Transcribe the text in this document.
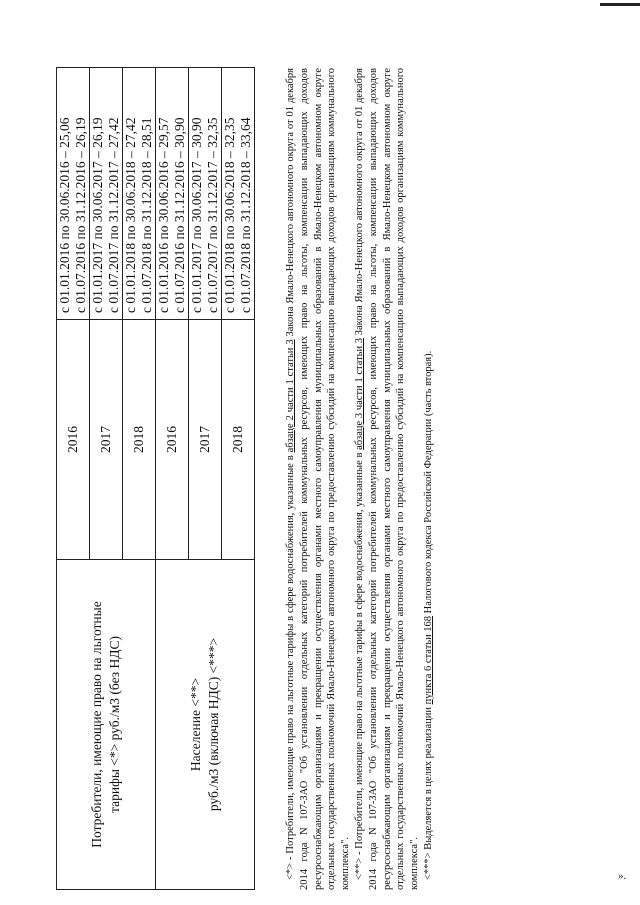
Потребители, имеющие право на льготные тарифы <*> руб./м3 (без НДС)	2016	с 01.01.2016 по 30.06.2016 – 25,06 с 01.07.2016 по 31.12.2016 – 26,19

	2017	с 01.01.2017 по 30.06.2017 – 26,19 с 01.07.2017 по 31.12.2017 – 27,42

	2018	с 01.01.2018 по 30.06.2018 – 27,42 с 01.07.2018 по 31.12.2018 – 28,51

Население <**> руб./м3 (включая НДС) <***>	2016	с 01.01.2016 по 30.06.2016 – 29,57 с 01.07.2016 по 31.12.2016 – 30,90

	2017	с 01.01.2017 по 30.06.2017 – 30,90 с 01.07.2017 по 31.12.2017 – 32,35

	2018	с 01.01.2018 по 30.06.2018 – 32,35 с 01.07.2018 по 31.12.2018 – 33,64

<*> - Потребители, имеющие право на льготные тарифы в сфере водоснабжения, указанные в абзаце 2 части 1 статьи 3 Закона Ямало-Ненецкого автономного округа от 01 декабря 2014 года N 107-ЗАО "Об установлении отдельных категорий потребителей коммунальных ресурсов, имеющих право на льготы, компенсации выпадающих доходов ресурсоснабжающим организациям и прекращении осуществления органами местного самоуправления муниципальных образований в Ямало-Ненецком автономном округе отдельных государственных полномочий Ямало-Ненецкого автономного округа по предоставлению субсидий на компенсацию выпадающих доходов организациям коммунального комплекса". <**> - Потребители, имеющие право на льготные тарифы в сфере водоснабжения, указанные в абзаце 3 части 1 статьи 3 Закона Ямало-Ненецкого автономного округа от 01 декабря 2014 года N 107-ЗАО "Об установлении отдельных категорий потребителей коммунальных ресурсов, имеющих право на льготы, компенсации выпадающих доходов ресурсоснабжающим организациям и прекращении осуществления органами местного самоуправления муниципальных образований в Ямало-Ненецком автономном округе отдельных государственных полномочий Ямало-Ненецкого автономного округа по предоставлению субсидий на компенсацию выпадающих доходов организациям коммунального комплекса". <***> Выделяется в целях реализации пункта 6 статьи 168 Налогового кодекса Российской Федерации (часть вторая).

».
